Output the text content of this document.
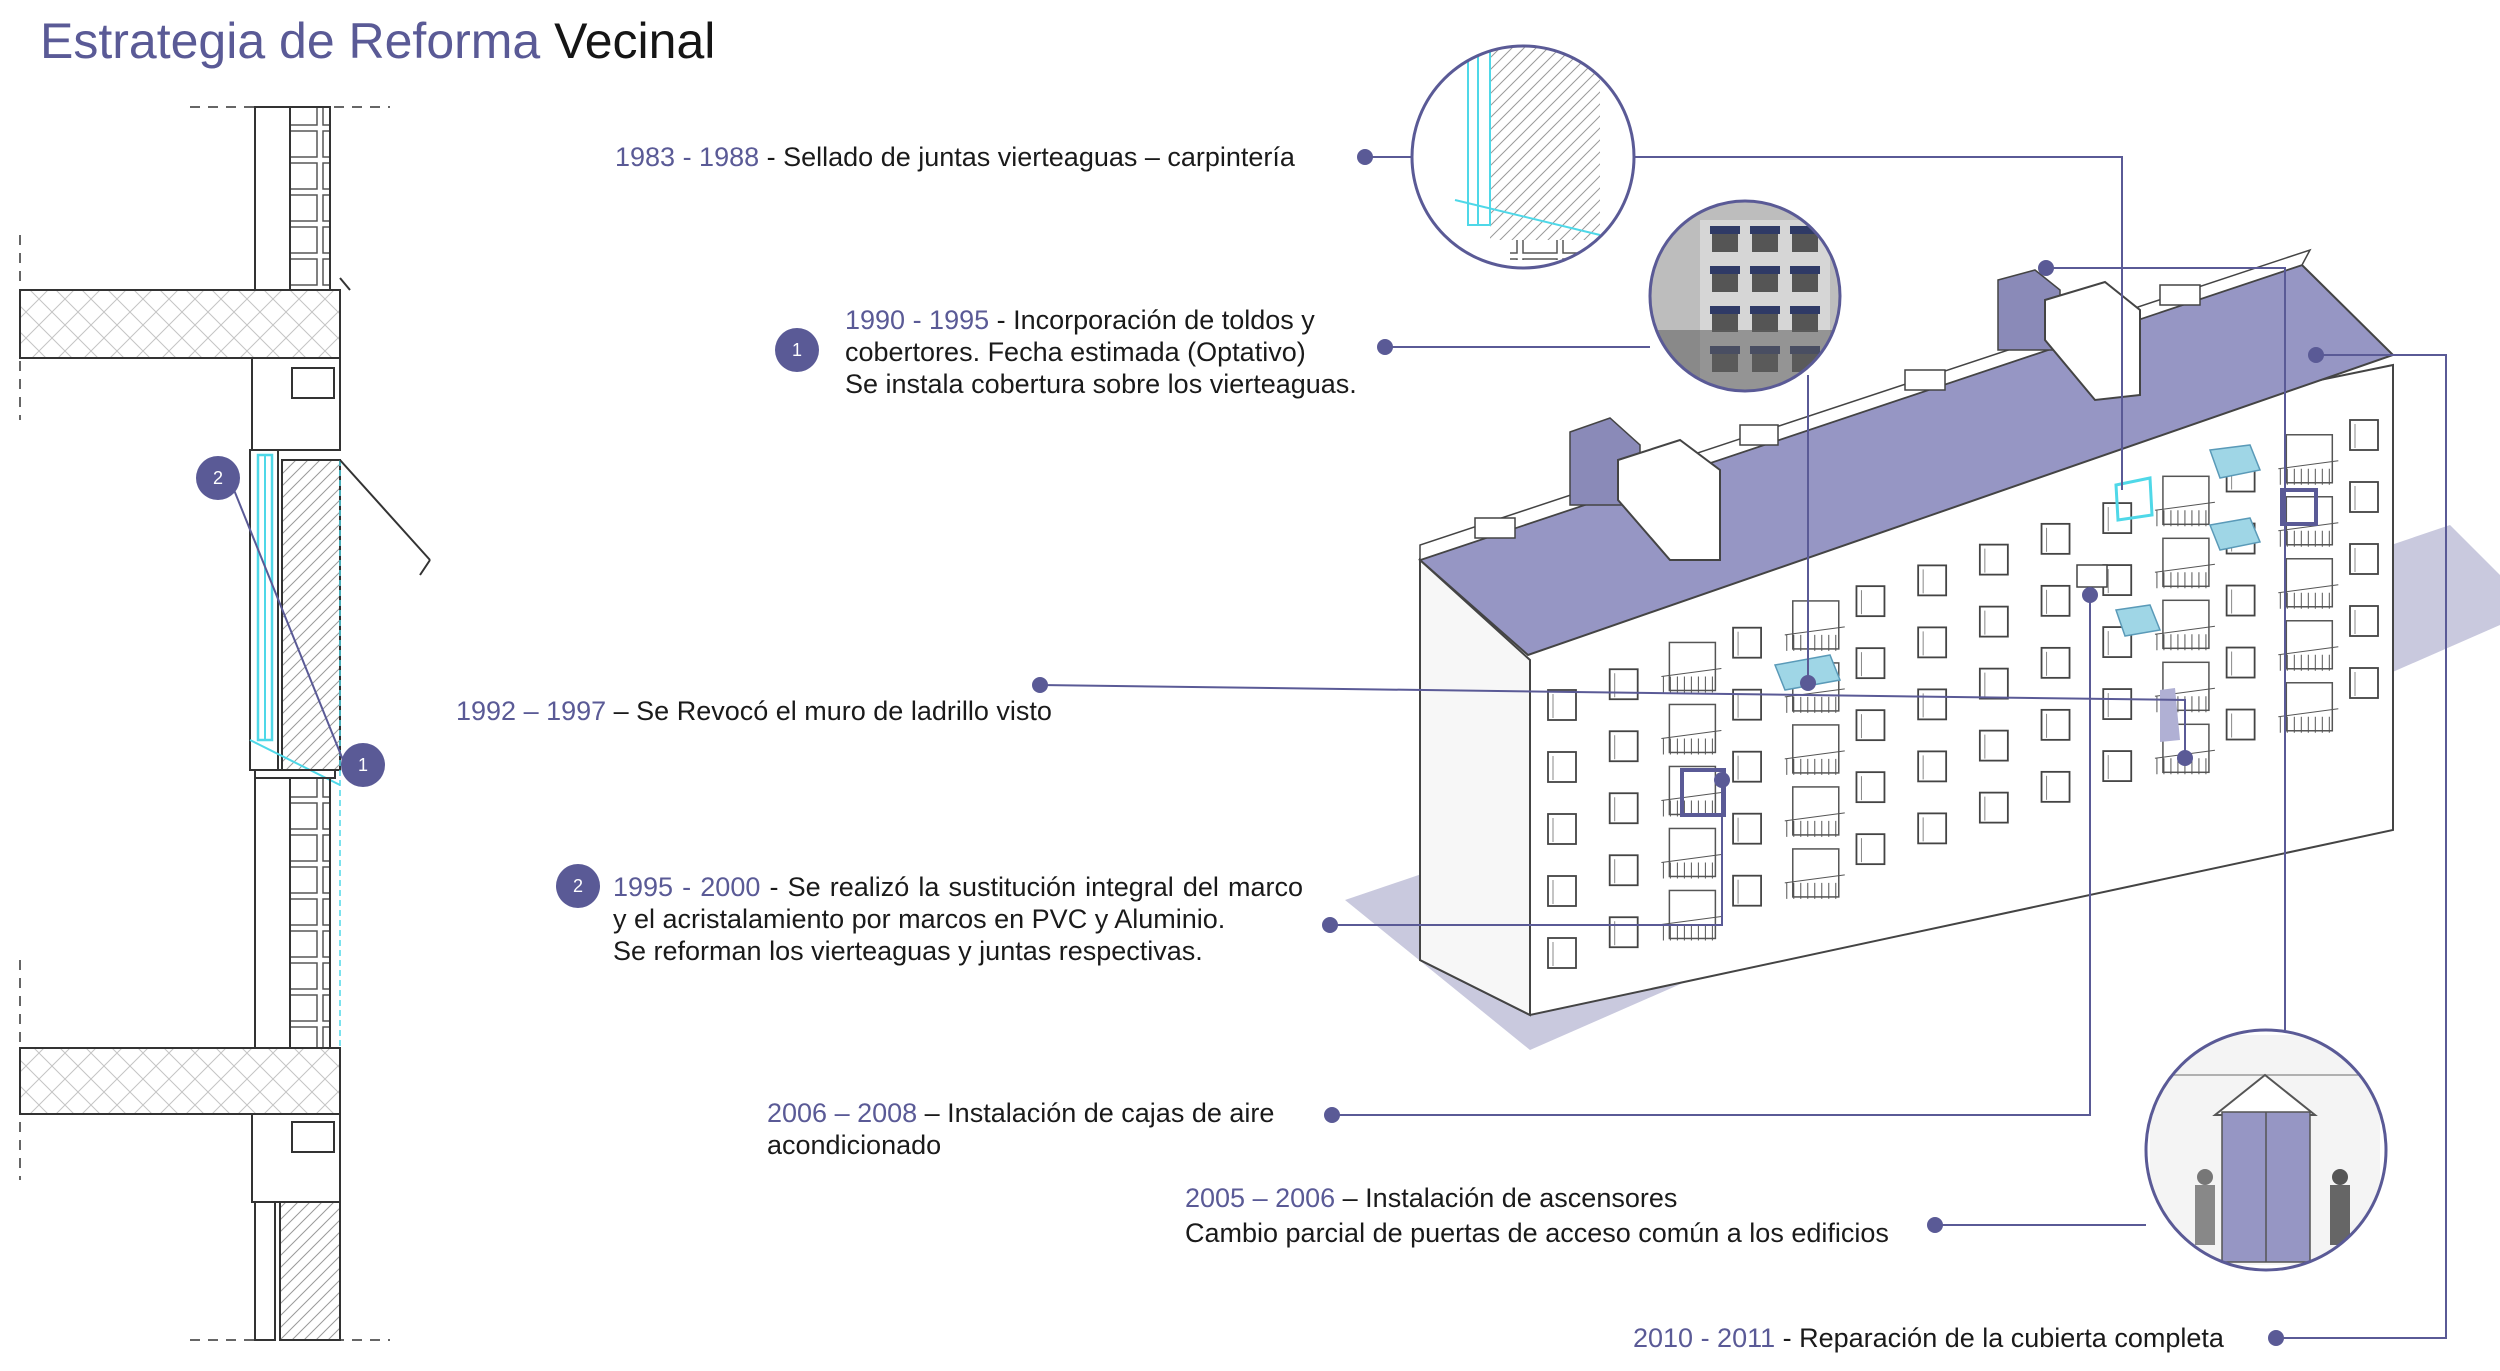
Estrategia de Reforma Vecinal
2
1
1
2
1983 - 1988 - Sellado de juntas vierteaguas – carpintería
1990 - 1995 - Incorporación de toldos y
cobertores. Fecha estimada (Optativo)
Se instala cobertura sobre los vierteaguas.
1992 – 1997 – Se Revocó el muro de ladrillo visto
1995 - 2000 - Se realizó la sustitución integral del marco y el acristalamiento por marcos en PVC y Aluminio.
Se reforman los vierteaguas y juntas respectivas.
2006 – 2008 – Instalación de cajas de aire
acondicionado
2005 – 2006 – Instalación de ascensores
Cambio parcial de puertas de acceso común a los edificios
2010 - 2011 - Reparación de la cubierta completa
